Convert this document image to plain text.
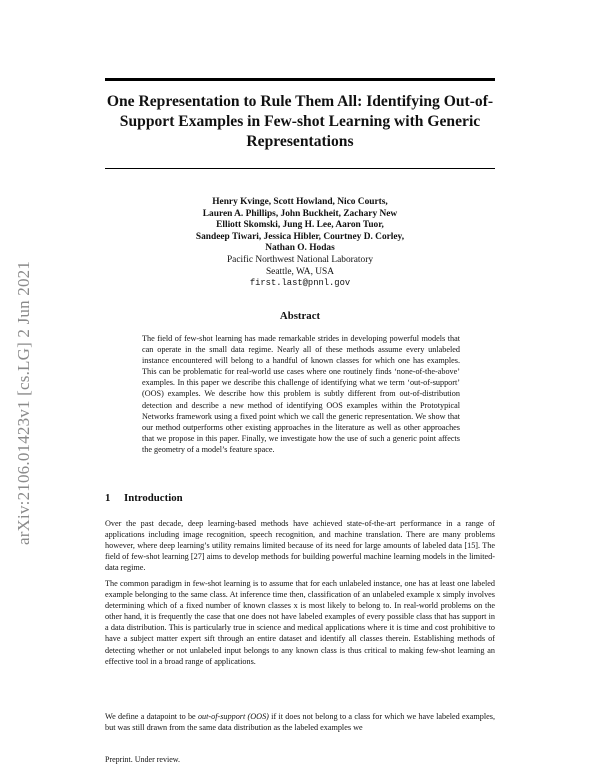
arXiv:2106.01423v1 [cs.LG] 2 Jun 2021
One Representation to Rule Them All: Identifying Out-of-Support Examples in Few-shot Learning with Generic Representations
Henry Kvinge, Scott Howland, Nico Courts,
Lauren A. Phillips, John Buckheit, Zachary New
Elliott Skomski, Jung H. Lee, Aaron Tuor,
Sandeep Tiwari, Jessica Hibler, Courtney D. Corley,
Nathan O. Hodas
Pacific Northwest National Laboratory
Seattle, WA, USA
first.last@pnnl.gov
Abstract

The field of few-shot learning has made remarkable strides in developing powerful models that can operate in the small data regime. Nearly all of these methods assume every unlabeled instance encountered will belong to a handful of known classes for which one has examples. This can be problematic for real-world use cases where one routinely finds ‘none-of-the-above’ examples. In this paper we describe this challenge of identifying what we term ‘out-of-support’ (OOS) examples. We describe how this problem is subtly different from out-of-distribution detection and describe a new method of identifying OOS examples within the Prototypical Networks framework using a fixed point which we call the generic representation. We show that our method outperforms other existing approaches in the literature as well as other approaches that we propose in this paper. Finally, we investigate how the use of such a generic point affects the geometry of a model’s feature space.

1 Introduction

Over the past decade, deep learning-based methods have achieved state-of-the-art performance in a range of applications including image recognition, speech recognition, and machine translation. There are many problems however, where deep learning’s utility remains limited because of its need for large amounts of labeled data [15]. The field of few-shot learning [27] aims to develop methods for building powerful machine learning models in the limited-data regime.

The common paradigm in few-shot learning is to assume that for each unlabeled instance, one has at least one labeled example belonging to the same class. At inference time then, classification of an unlabeled example x simply involves determining which of a fixed number of known classes x is most likely to belong to. In real-world problems on the other hand, it is frequently the case that one does not have labeled examples of every possible class that has support in a data distribution. This is particularly true in science and medical applications where it is time and cost prohibitive to have a subject matter expert sift through an entire dataset and identify all classes therein. Establishing methods of detecting whether or not unlabeled input belongs to any known class is thus critical to making few-shot learning an effective tool in a broad range of applications.

We define a datapoint to be out-of-support (OOS) if it does not belong to a class for which we have labeled examples, but was still drawn from the same data distribution as the labeled examples we

Preprint. Under review.
